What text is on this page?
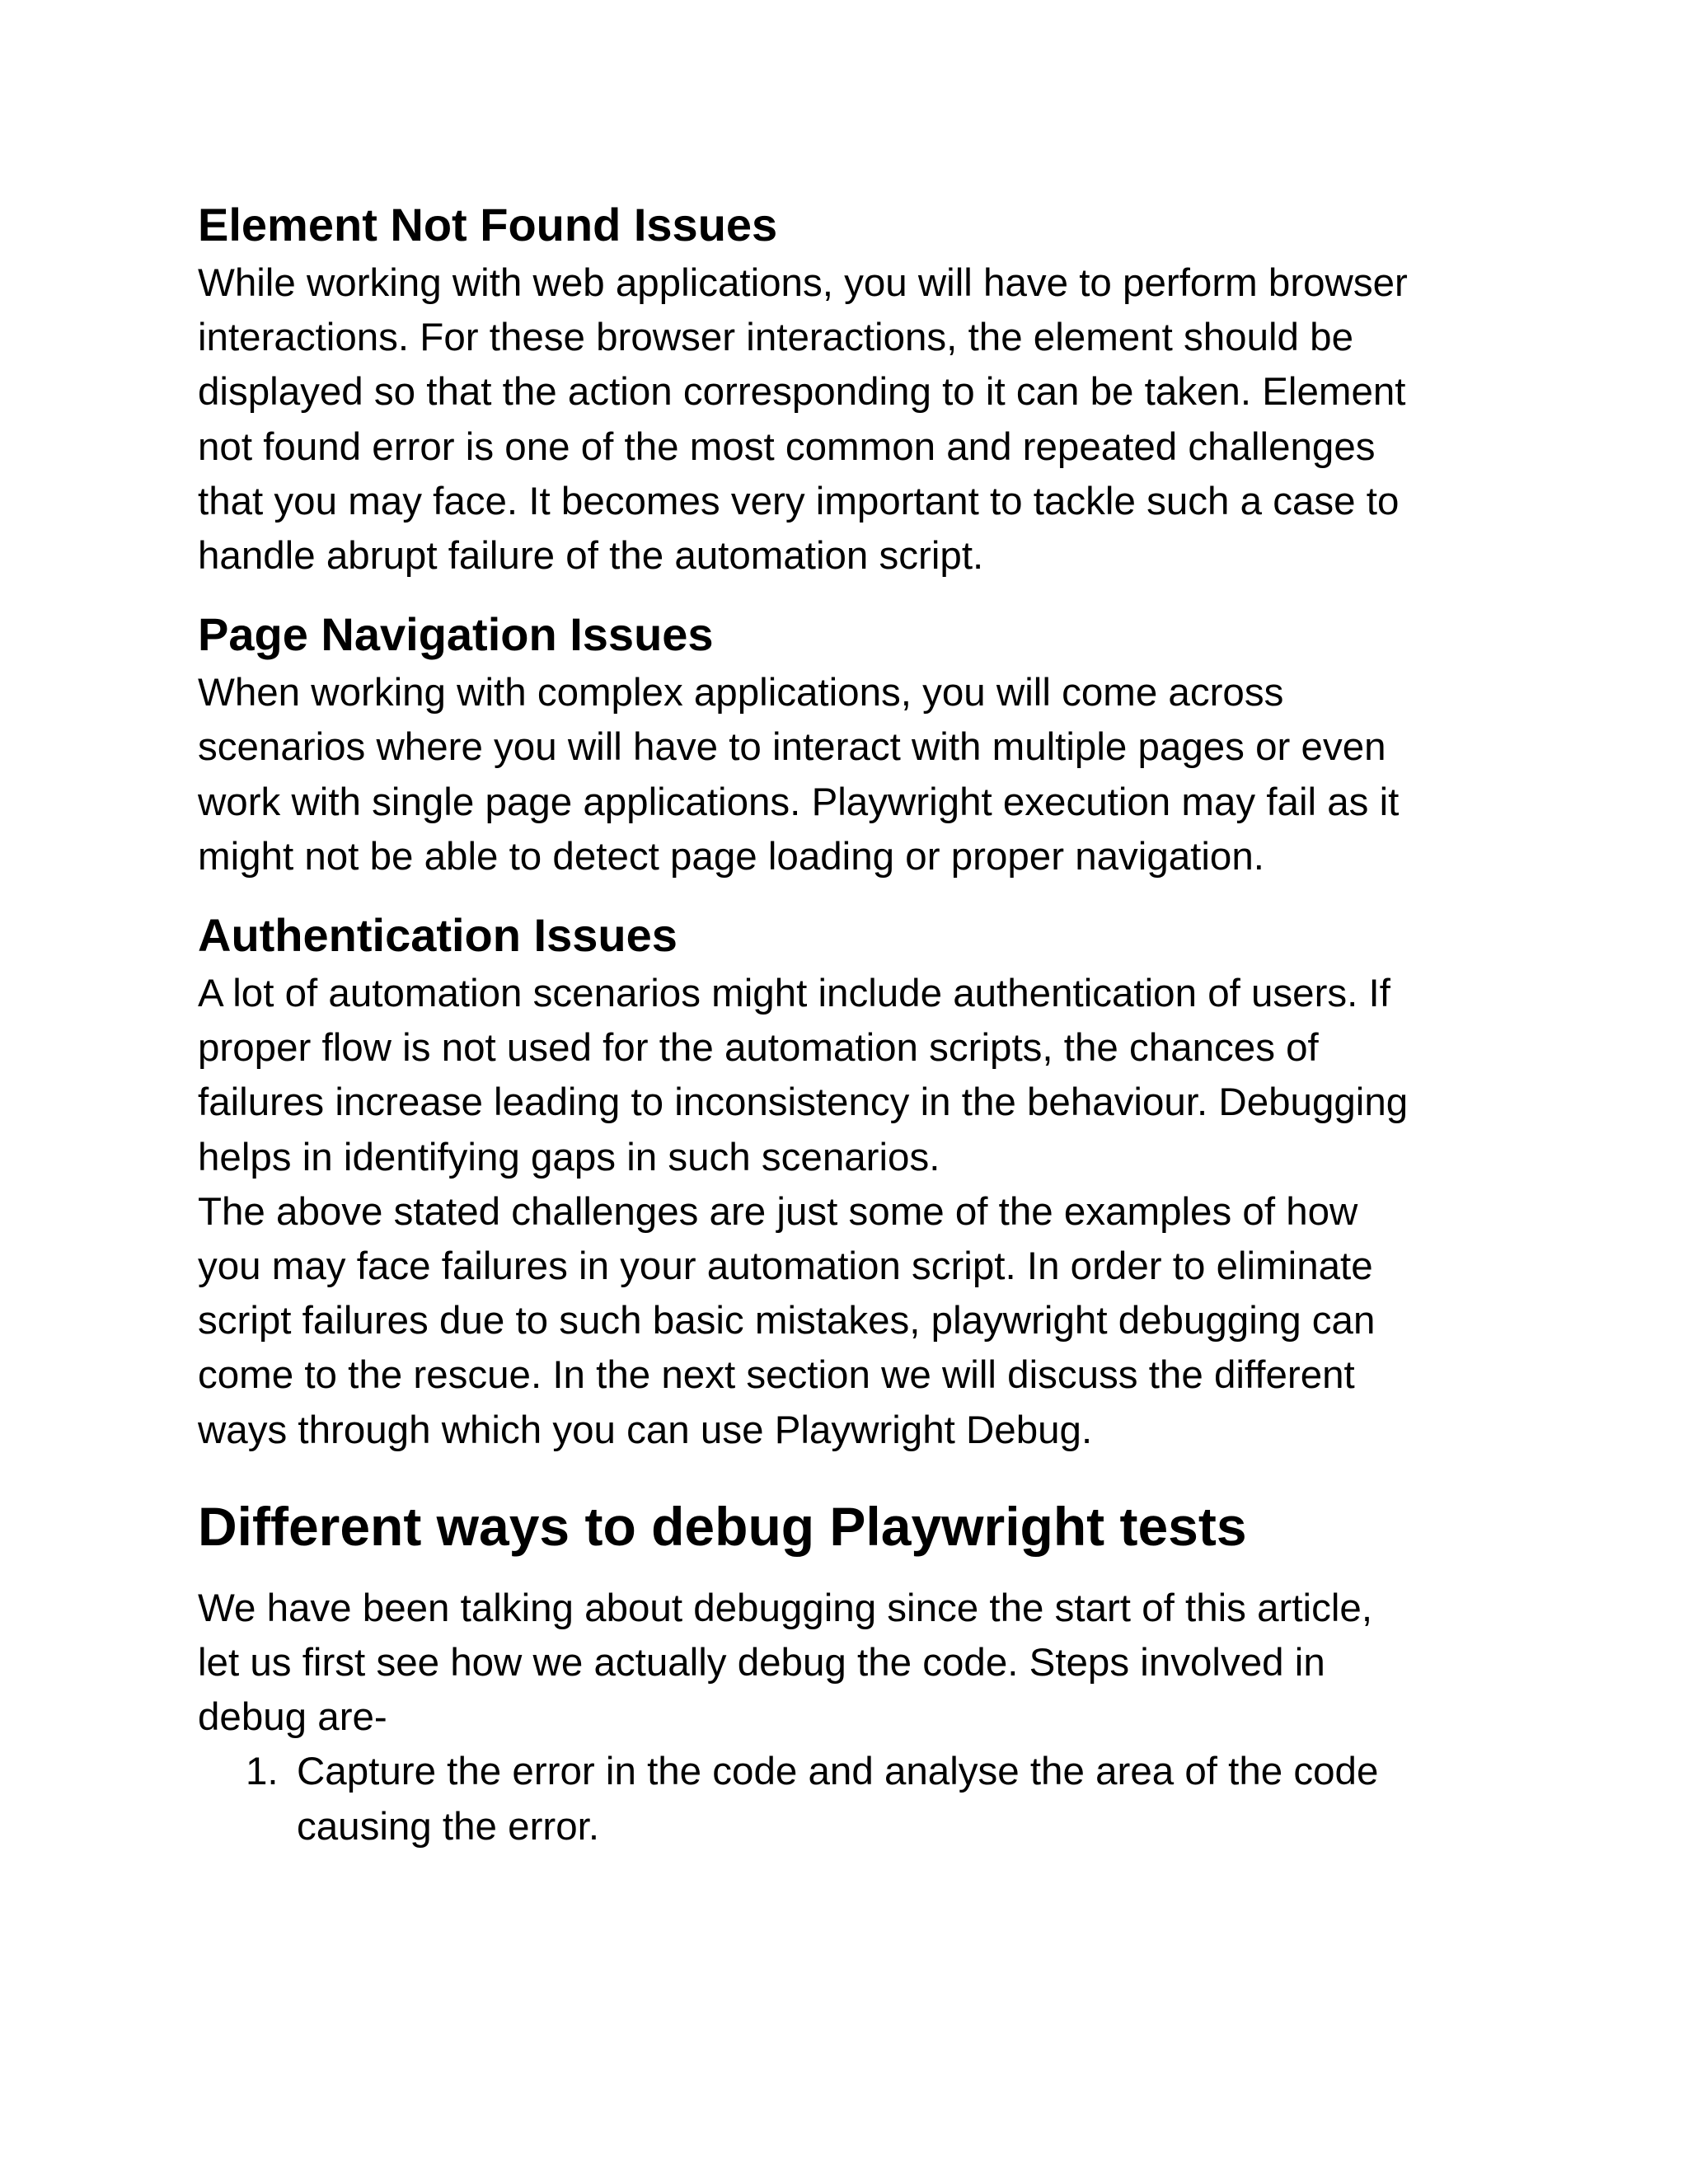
Element Not Found Issues

While working with web applications, you will have to perform browser
interactions. For these browser interactions, the element should be
displayed so that the action corresponding to it can be taken. Element
not found error is one of the most common and repeated challenges
that you may face. It becomes very important to tackle such a case to
handle abrupt failure of the automation script.

Page Navigation Issues

When working with complex applications, you will come across
scenarios where you will have to interact with multiple pages or even
work with single page applications. Playwright execution may fail as it
might not be able to detect page loading or proper navigation.

Authentication Issues

A lot of automation scenarios might include authentication of users. If
proper flow is not used for the automation scripts, the chances of
failures increase leading to inconsistency in the behaviour. Debugging
helps in identifying gaps in such scenarios.

The above stated challenges are just some of the examples of how
you may face failures in your automation script. In order to eliminate
script failures due to such basic mistakes, playwright debugging can
come to the rescue. In the next section we will discuss the different
ways through which you can use Playwright Debug.

Different ways to debug Playwright tests

We have been talking about debugging since the start of this article,
let us first see how we actually debug the code. Steps involved in
debug are-

1. Capture the error in the code and analyse the area of the code
causing the error.
